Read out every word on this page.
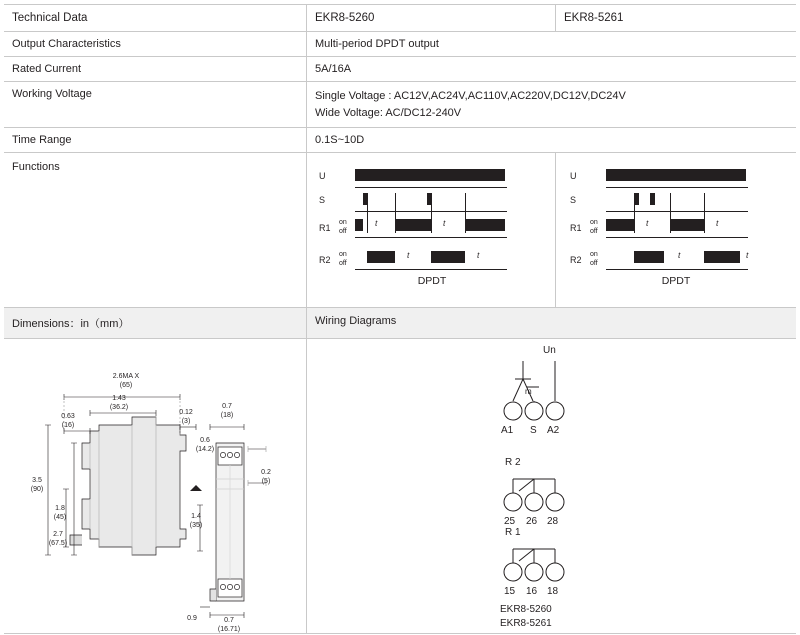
Technical Data	EKR8-5260	EKR8-5261
Output Characteristics	Multi-period DPDT output
Rated Current	5A/16A
Working Voltage	Single Voltage : AC12V,AC24V,AC110V,AC220V,DC12V,DC24V
Wide Voltage: AC/DC12-240V
Time Range	0.1S~10D
Functions
U
S
R1
R2
on
off
on
off
t	t
t	t
DPDT
U
S
R1
R2
on
off
on
off
t	t
t	t
DPDT
Dimensions：in（mm）	Wiring Diagrams
2.6MA X
(65)
1.43
(36.2)
0.63
(16)
0.12
(3)
0.7
(18)
0.6
(14.2)
0.2
(5)
1.4
(35)
3.5
(90)
1.8
(45)
2.7
(67.5)
0.7
(16.71)
0.9
Un
m
A1 S A2
R 2
25 26 28
R 1
15 16 18
EKR8-5260
EKR8-5261
